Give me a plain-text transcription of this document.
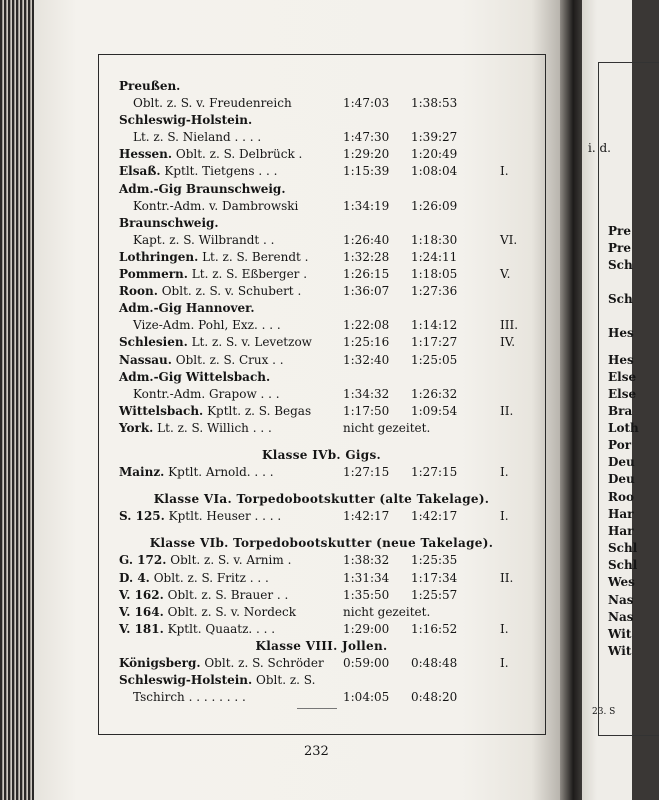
i. d.
Pre
Pre
Sch
Sch
Hes
Hes
Else
Else
Bra
Loth
Por
Deu
Deu
Roo
Har
Har
Schl
Schl
Wes
Nas
Nas
Wit
Wit
23. S
Preußen.
Oblt. z. S. v. Freudenreich	1:47:03 1:38:53
Schleswig-Holstein.
Lt. z. S. Nieland . . . .	1:47:30 1:39:27
Hessen. Oblt. z. S. Delbrück .	1:29:20 1:20:49
Elsaß. Kptlt. Tietgens . . .	1:15:39 1:08:04	I.
Adm.-Gig Braunschweig.
Kontr.-Adm. v. Dambrowski	1:34:19 1:26:09
Braunschweig.
Kapt. z. S. Wilbrandt . .	1:26:40 1:18:30	VI.
Lothringen. Lt. z. S. Berendt .	1:32:28 1:24:11
Pommern. Lt. z. S. Eßberger .	1:26:15 1:18:05	V.
Roon. Oblt. z. S. v. Schubert .	1:36:07 1:27:36
Adm.-Gig Hannover.
Vize-Adm. Pohl, Exz. . . .	1:22:08 1:14:12	III.
Schlesien. Lt. z. S. v. Levetzow	1:25:16 1:17:27	IV.
Nassau. Oblt. z. S. Crux . .	1:32:40 1:25:05
Adm.-Gig Wittelsbach.
Kontr.-Adm. Grapow . . .	1:34:32 1:26:32
Wittelsbach. Kptlt. z. S. Begas	1:17:50 1:09:54	II.
York. Lt. z. S. Willich . . .	nicht gezeitet.
Klasse IVb. Gigs.
Mainz. Kptlt. Arnold. . . .	1:27:15 1:27:15	I.
Klasse VIa. Torpedobootskutter (alte Takelage).
S. 125. Kptlt. Heuser . . . .	1:42:17 1:42:17	I.
Klasse VIb. Torpedobootskutter (neue Takelage).
G. 172. Oblt. z. S. v. Arnim .	1:38:32 1:25:35
D. 4. Oblt. z. S. Fritz . . .	1:31:34 1:17:34	II.
V. 162. Oblt. z. S. Brauer . .	1:35:50 1:25:57
V. 164. Oblt. z. S. v. Nordeck	nicht gezeitet.
V. 181. Kptlt. Quaatz. . . .	1:29:00 1:16:52	I.
Klasse VIII. Jollen.
Königsberg. Oblt. z. S. Schröder 0:59:00 0:48:48	I.
Schleswig-Holstein. Oblt. z. S.
Tschirch . . . . . . . .	1:04:05 0:48:20
232
